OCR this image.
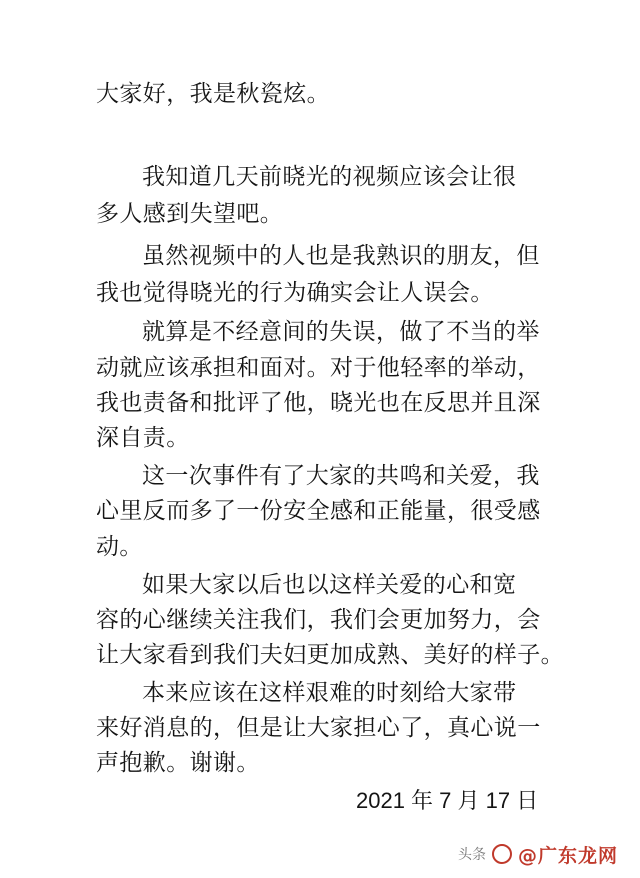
大家好，我是秋瓷炫。
我知道几天前晓光的视频应该会让很
多人感到失望吧。
虽然视频中的人也是我熟识的朋友，但
我也觉得晓光的行为确实会让人误会。
就算是不经意间的失误，做了不当的举
动就应该承担和面对。对于他轻率的举动，
我也责备和批评了他，晓光也在反思并且深
深自责。
这一次事件有了大家的共鸣和关爱，我
心里反而多了一份安全感和正能量，很受感
动。
如果大家以后也以这样关爱的心和宽
容的心继续关注我们，我们会更加努力，会
让大家看到我们夫妇更加成熟、美好的样子。
本来应该在这样艰难的时刻给大家带
来好消息的，但是让大家担心了，真心说一
声抱歉。谢谢。
2021 年 7 月 17 日
头条 @广东龙网
